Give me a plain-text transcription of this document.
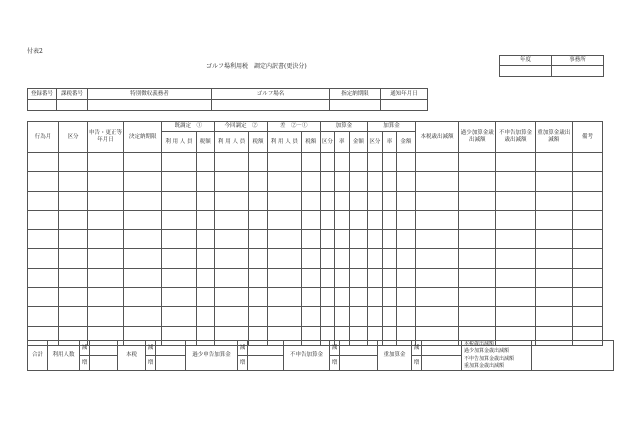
付表2
ゴルフ場利用税　調定内訳書(更決分)
年度	事務所

登録番号	課税番号	特別徴収義務者	ゴルフ場名	指定納期限	通知年月日

行為月	区分	申告・更正等年月日	決定納期限	既調定　①		今回調定　②		差　②－①		加算金			加算金			本税歳出減額	過少加算金歳出減額	不申告加算金歳出減額	重加算金歳出減額	備考
				利 用 人 員	税額	利 用 人 員	税額	利 用 人 員	税額	区分	率	金額	区分	率	金額					

合計	利用人数	減		本税	減		過少申告加算金	減		不申告加算金	減		重加算金	減		本税歳出減額
過少加算金歳出減額
不申告加算金歳出減額
重加算金歳出減額	

		増			増			増			増			増			
